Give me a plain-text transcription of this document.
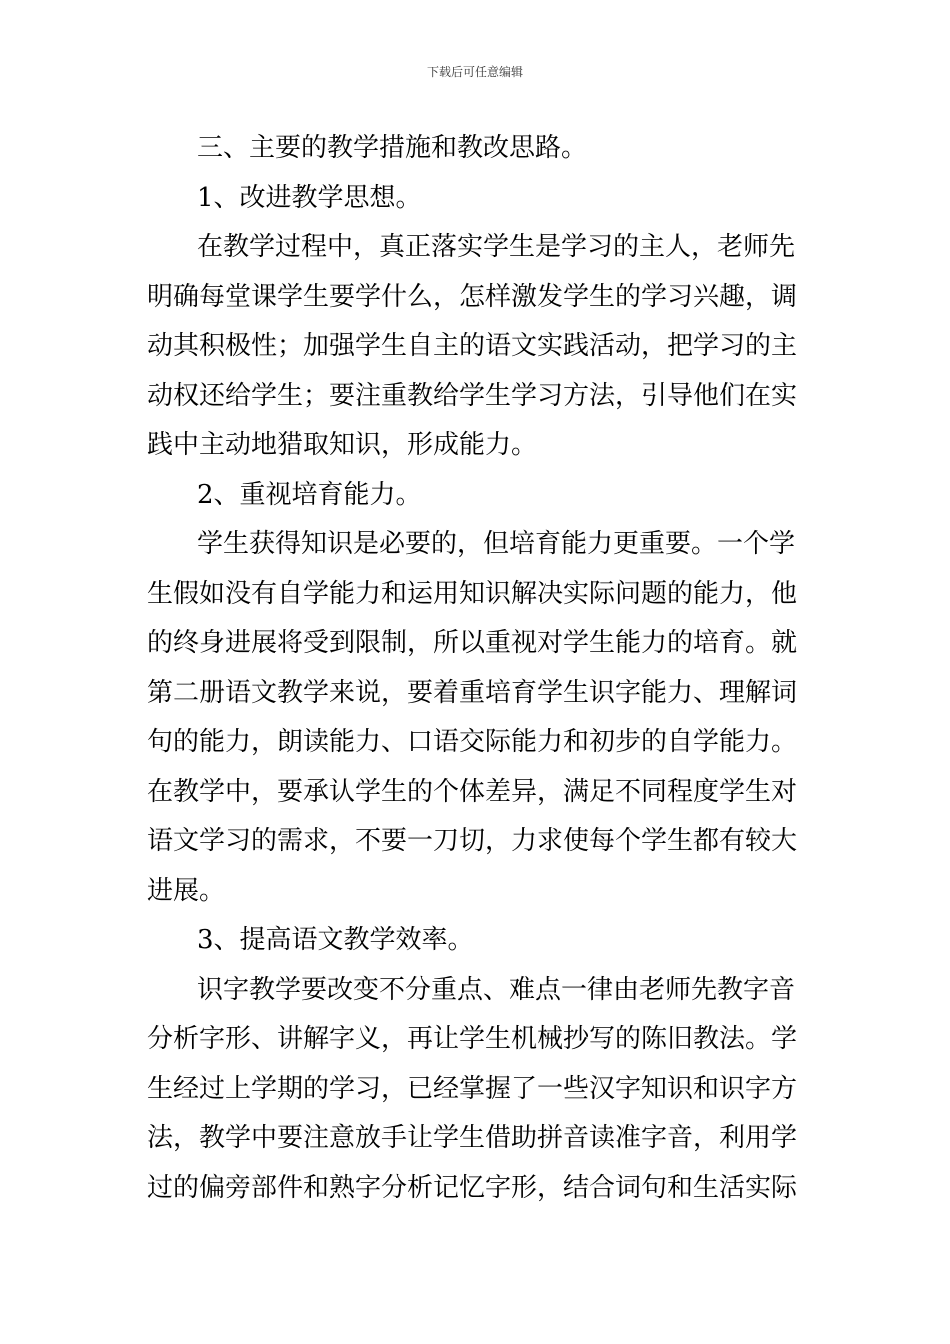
下载后可任意编辑
三、主要的教学措施和教改思路。
1、改进教学思想。
在教学过程中，真正落实学生是学习的主人，老师先
明确每堂课学生要学什么，怎样激发学生的学习兴趣，调
动其积极性；加强学生自主的语文实践活动，把学习的主
动权还给学生；要注重教给学生学习方法，引导他们在实
践中主动地猎取知识，形成能力。
2、重视培育能力。
学生获得知识是必要的，但培育能力更重要。一个学
生假如没有自学能力和运用知识解决实际问题的能力，他
的终身进展将受到限制，所以重视对学生能力的培育。就
第二册语文教学来说，要着重培育学生识字能力、理解词
句的能力，朗读能力、口语交际能力和初步的自学能力。
在教学中，要承认学生的个体差异，满足不同程度学生对
语文学习的需求，不要一刀切，力求使每个学生都有较大
进展。
3、提高语文教学效率。
识字教学要改变不分重点、难点一律由老师先教字音
分析字形、讲解字义，再让学生机械抄写的陈旧教法。学
生经过上学期的学习，已经掌握了一些汉字知识和识字方
法，教学中要注意放手让学生借助拼音读准字音，利用学
过的偏旁部件和熟字分析记忆字形，结合词句和生活实际
